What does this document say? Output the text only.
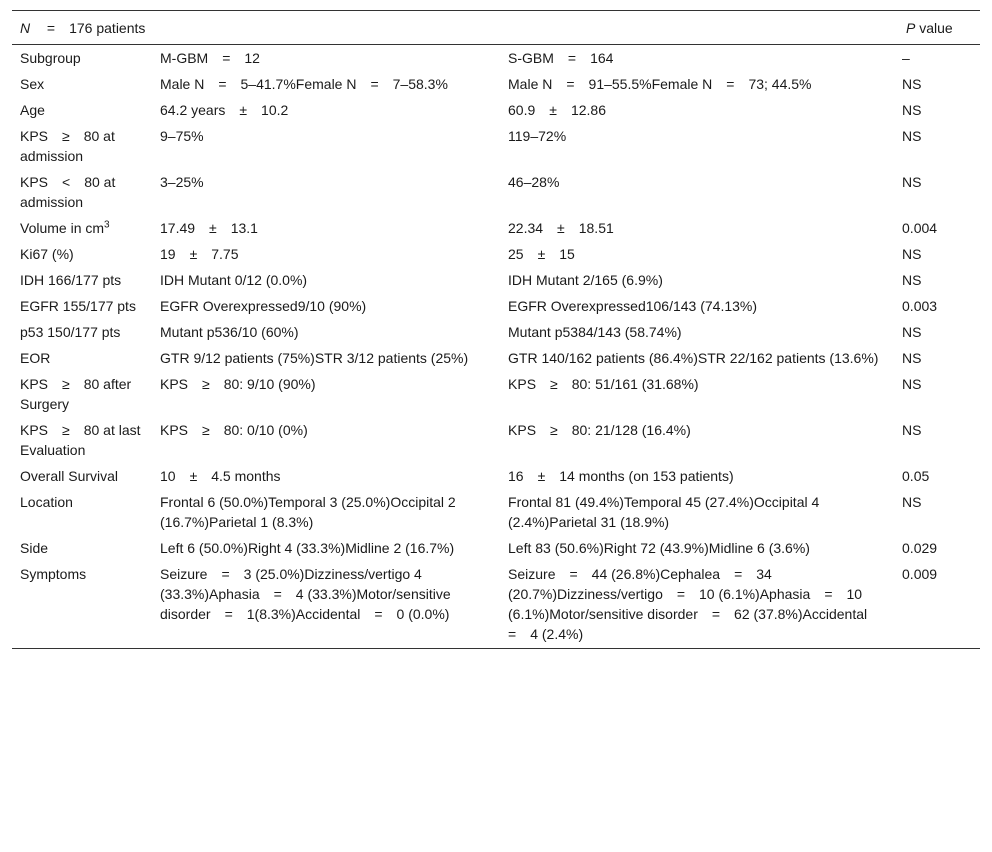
N  = 176 patients			P value
Subgroup	M-GBM = 12	S-GBM = 164	–
Sex	Male N = 5–41.7%Female N = 7–58.3%	Male N = 91–55.5%Female N = 73; 44.5%	NS
Age	64.2 years ± 10.2	60.9 ± 12.86	NS
KPS ≥ 80 at admission	9–75%	119–72%	NS
KPS < 80 at admission	3–25%	46–28%	NS
Volume in $cm^3$	17.49 ± 13.1	22.34 ± 18.51	0.004
Ki67 (%)	19 ± 7.75	25 ± 15	NS
IDH 166/177 pts	IDH Mutant 0/12 (0.0%)	IDH Mutant 2/165 (6.9%)	NS
EGFR 155/177 pts	EGFR Overexpressed9/10 (90%)	EGFR Overexpressed106/143 (74.13%)	0.003
p53 150/177 pts	Mutant p536/10 (60%)	Mutant p5384/143 (58.74%)	NS
EOR	GTR 9/12 patients (75%)STR 3/12 patients (25%)	GTR 140/162 patients (86.4%)STR 22/162 patients (13.6%)	NS
KPS ≥ 80 after Surgery	KPS ≥ 80: 9/10 (90%)	KPS ≥ 80: 51/161 (31.68%)	NS
KPS ≥ 80 at last Evaluation	KPS ≥ 80: 0/10 (0%)	KPS ≥ 80: 21/128 (16.4%)	NS
Overall Survival	10 ± 4.5 months	16 ± 14 months (on 153 patients)	0.05
Location	Frontal 6 (50.0%)Temporal 3 (25.0%)Occipital 2 (16.7%)Parietal 1 (8.3%)	Frontal 81 (49.4%)Temporal 45 (27.4%)Occipital 4 (2.4%)Parietal 31 (18.9%)	NS
Side	Left 6 (50.0%)Right 4 (33.3%)Midline 2 (16.7%)	Left 83 (50.6%)Right 72 (43.9%)Midline 6 (3.6%)	0.029
Symptoms	Seizure = 3 (25.0%)Dizziness/vertigo 4 (33.3%)Aphasia = 4 (33.3%)Motor/sensitive disorder = 1(8.3%)Accidental = 0 (0.0%)	Seizure = 44 (26.8%)Cephalea = 34 (20.7%)Dizziness/vertigo = 10 (6.1%)Aphasia = 10 (6.1%)Motor/sensitive disorder = 62 (37.8%)Accidental = 4 (2.4%)	0.009
